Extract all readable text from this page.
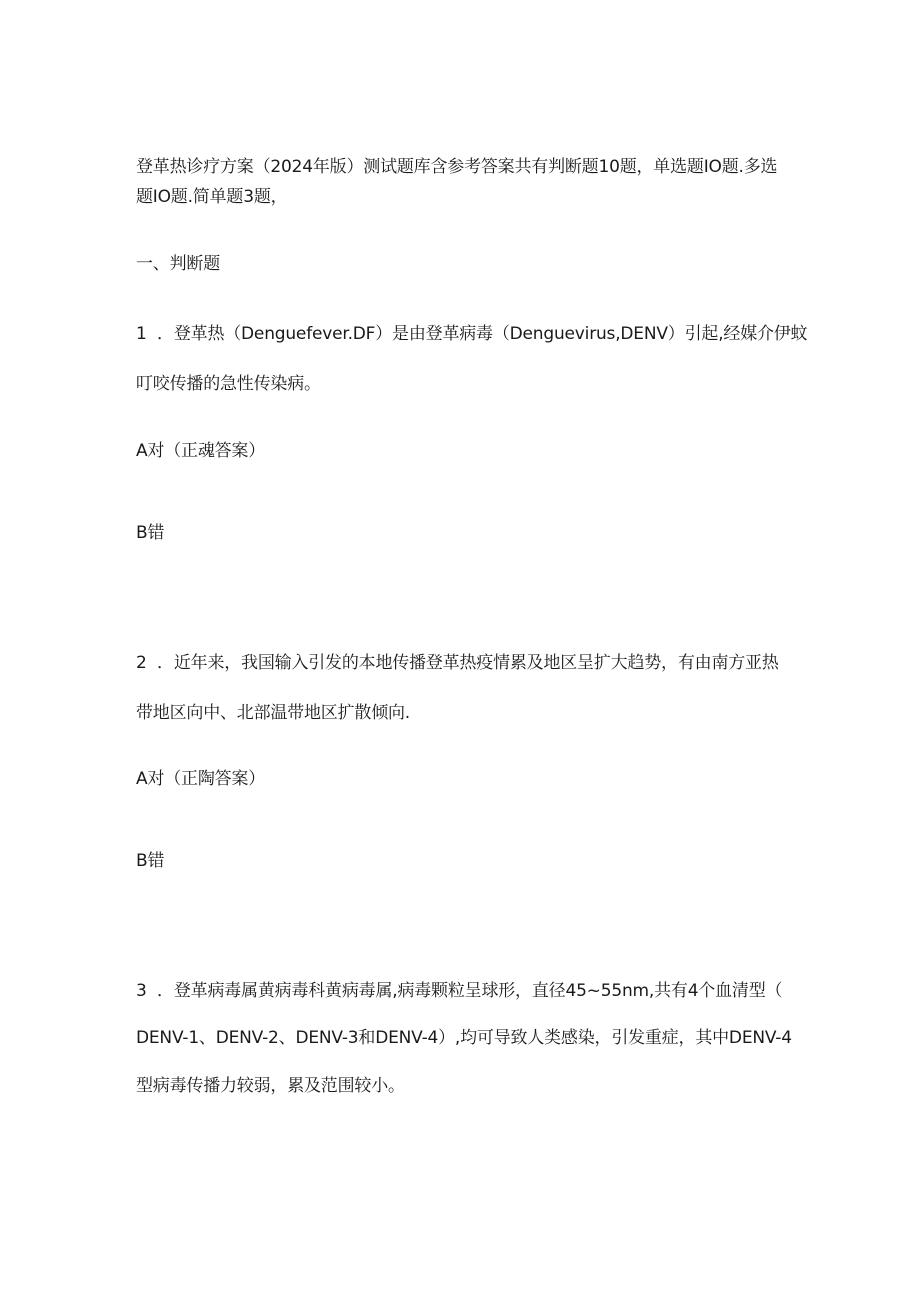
登革热诊疗方案（2024年版）测试题库含参考答案共有判断题10题，单选题IO题.多选题IO题.简单题3题，
一、判断题
1 ．登革热（Denguefever.DF）是由登革病毒（Denguevirus,DENV）引起,经媒介伊蚊
叮咬传播的急性传染病。
A对（正魂答案）
B错
2 ．近年来，我国输入引发的本地传播登革热疫情累及地区呈扩大趋势，有由南方亚热
带地区向中、北部温带地区扩散倾向.
A对（正陶答案）
B错
3 ．登革病毒属黄病毒科黄病毒属,病毒颗粒呈球形，直径45~55nm,共有4个血清型（
DENV-1、DENV-2、DENV-3和DENV-4）,均可导致人类感染，引发重症，其中DENV-4
型病毒传播力较弱，累及范围较小。
